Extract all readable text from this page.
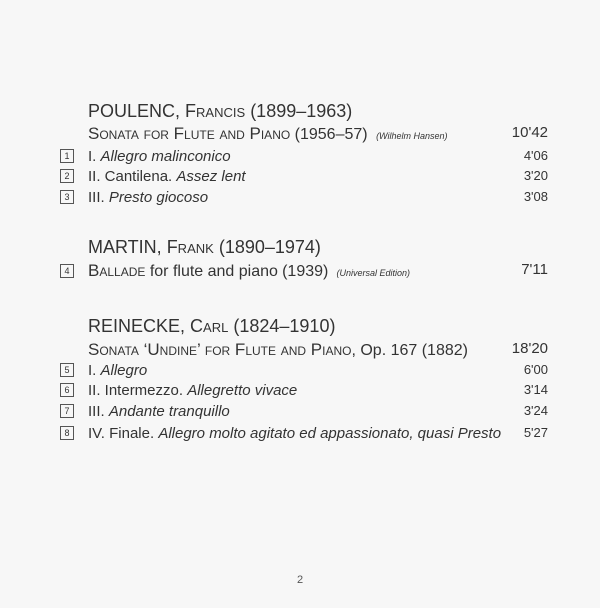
POULENC, Francis (1899–1963)
Sonata for Flute and Piano (1956–57) (Wilhelm Hansen)	10'42
1 I. Allegro malinconico	4'06
2 II. Cantilena. Assez lent	3'20
3 III. Presto giocoso	3'08
MARTIN, Frank (1890–1974)
4 Ballade for flute and piano (1939) (Universal Edition)	7'11
REINECKE, Carl (1824–1910)
Sonata ‘Undine’ for Flute and Piano, Op. 167 (1882)	18'20
5 I. Allegro	6'00
6 II. Intermezzo. Allegretto vivace	3'14
7 III. Andante tranquillo	3'24
8 IV. Finale. Allegro molto agitato ed appassionato, quasi Presto 5'27
2
